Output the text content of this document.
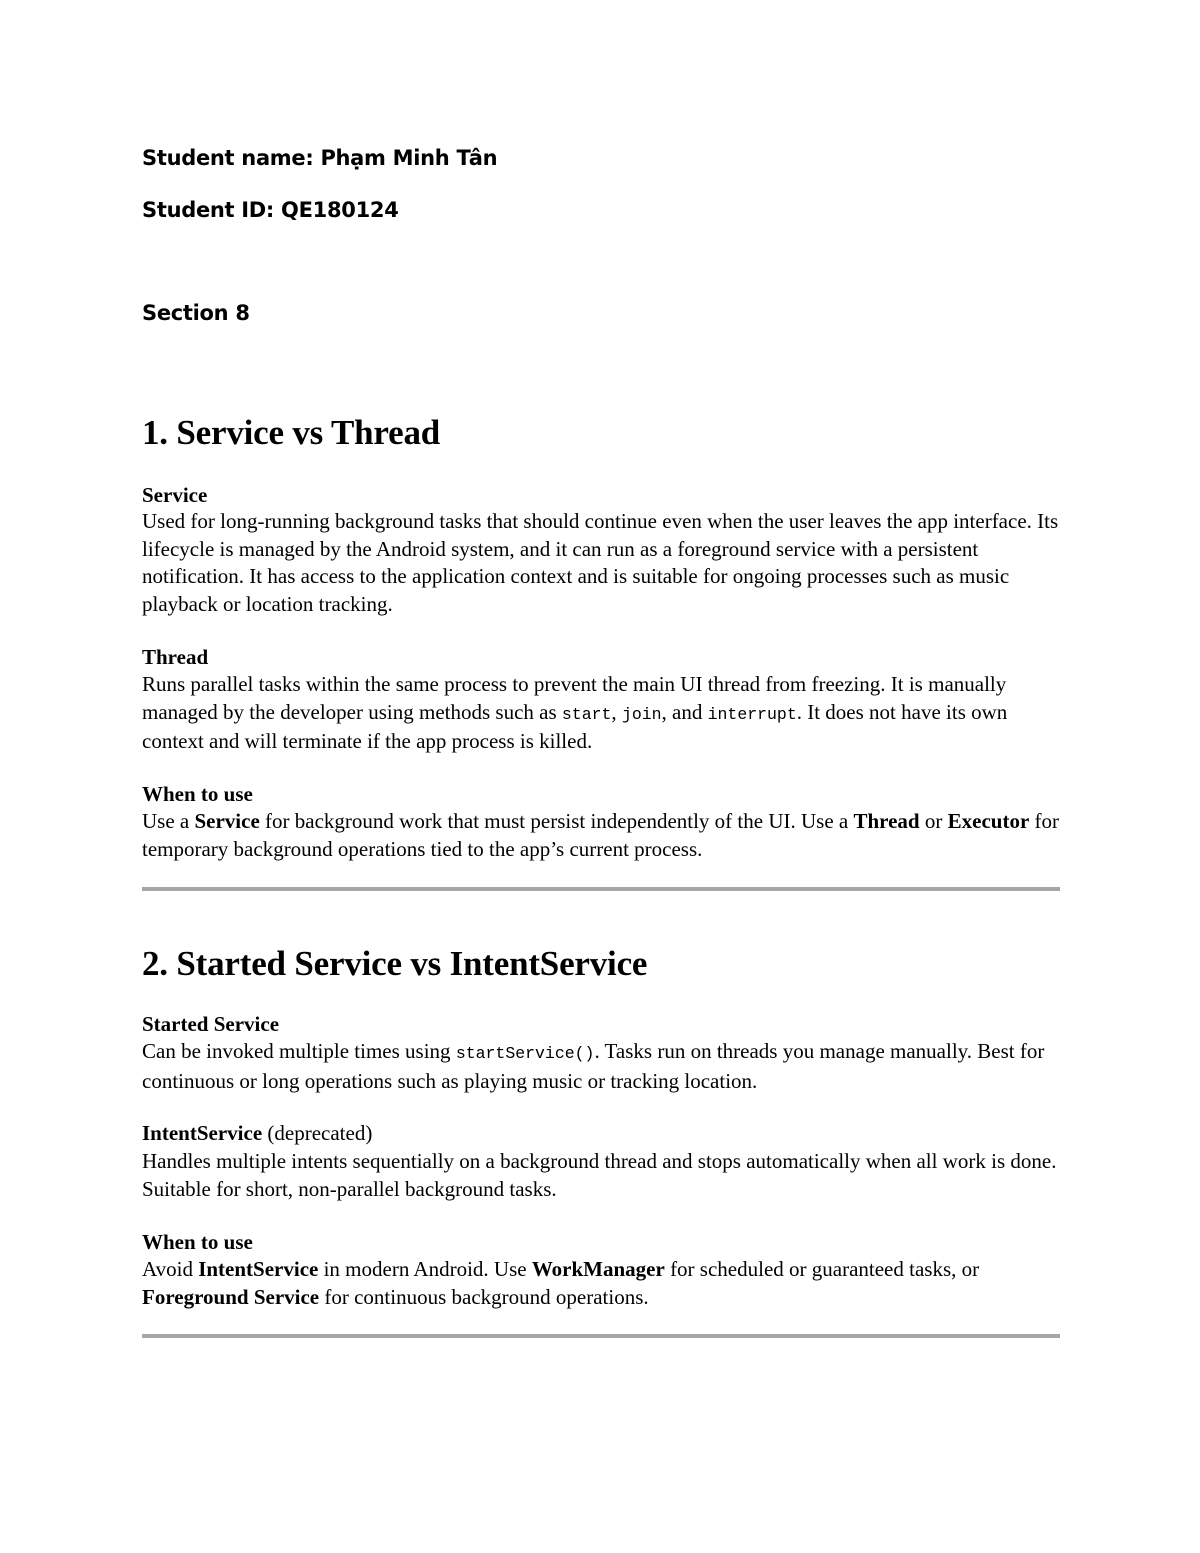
Student name: Phạm Minh Tân

Student ID: QE180124

Section 8

1. Service vs Thread

Service

Used for long-running background tasks that should continue even when the user leaves the app interface. Its lifecycle is managed by the Android system, and it can run as a foreground service with a persistent notification. It has access to the application context and is suitable for ongoing processes such as music playback or location tracking.

Thread

Runs parallel tasks within the same process to prevent the main UI thread from freezing. It is manually managed by the developer using methods such as start, join, and interrupt. It does not have its own context and will terminate if the app process is killed.

When to use

Use a Service for background work that must persist independently of the UI. Use a Thread or Executor for temporary background operations tied to the app’s current process.

2. Started Service vs IntentService

Started Service

Can be invoked multiple times using startService(). Tasks run on threads you manage manually. Best for continuous or long operations such as playing music or tracking location.

IntentService (deprecated)

Handles multiple intents sequentially on a background thread and stops automatically when all work is done. Suitable for short, non-parallel background tasks.

When to use

Avoid IntentService in modern Android. Use WorkManager for scheduled or guaranteed tasks, or Foreground Service for continuous background operations.
